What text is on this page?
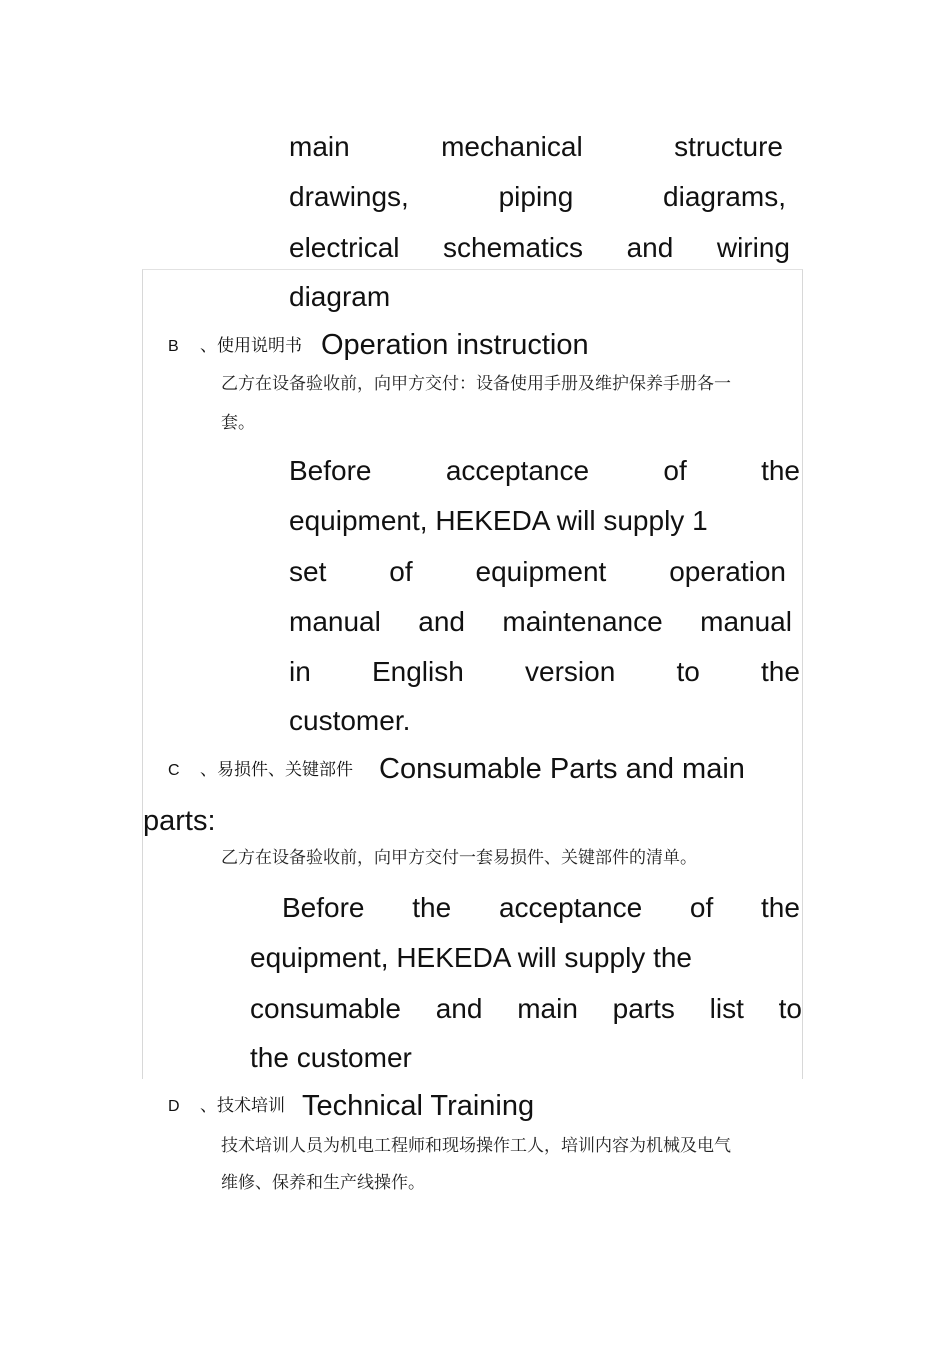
main	mechanical	structure
drawings,	piping	diagrams,
electrical schematics and wiring
diagram
B 、使用说明书 Operation instruction
乙方在设备验收前，向甲方交付：设备使用手册及维护保养手册各一
套。
Before	acceptance	of	the
equipment, HEKEDA will supply 1
set of equipment operation
manual and maintenance manual
in English version to the
customer.
C 、易损件、关键部件 Consumable Parts and main
parts:
乙方在设备验收前，向甲方交付一套易损件、关键部件的清单。
Before the acceptance of the
equipment, HEKEDA will supply the
consumable and main parts list to
the customer
D 、技术培训 Technical Training
技术培训人员为机电工程师和现场操作工人，培训内容为机械及电气
维修、保养和生产线操作。
